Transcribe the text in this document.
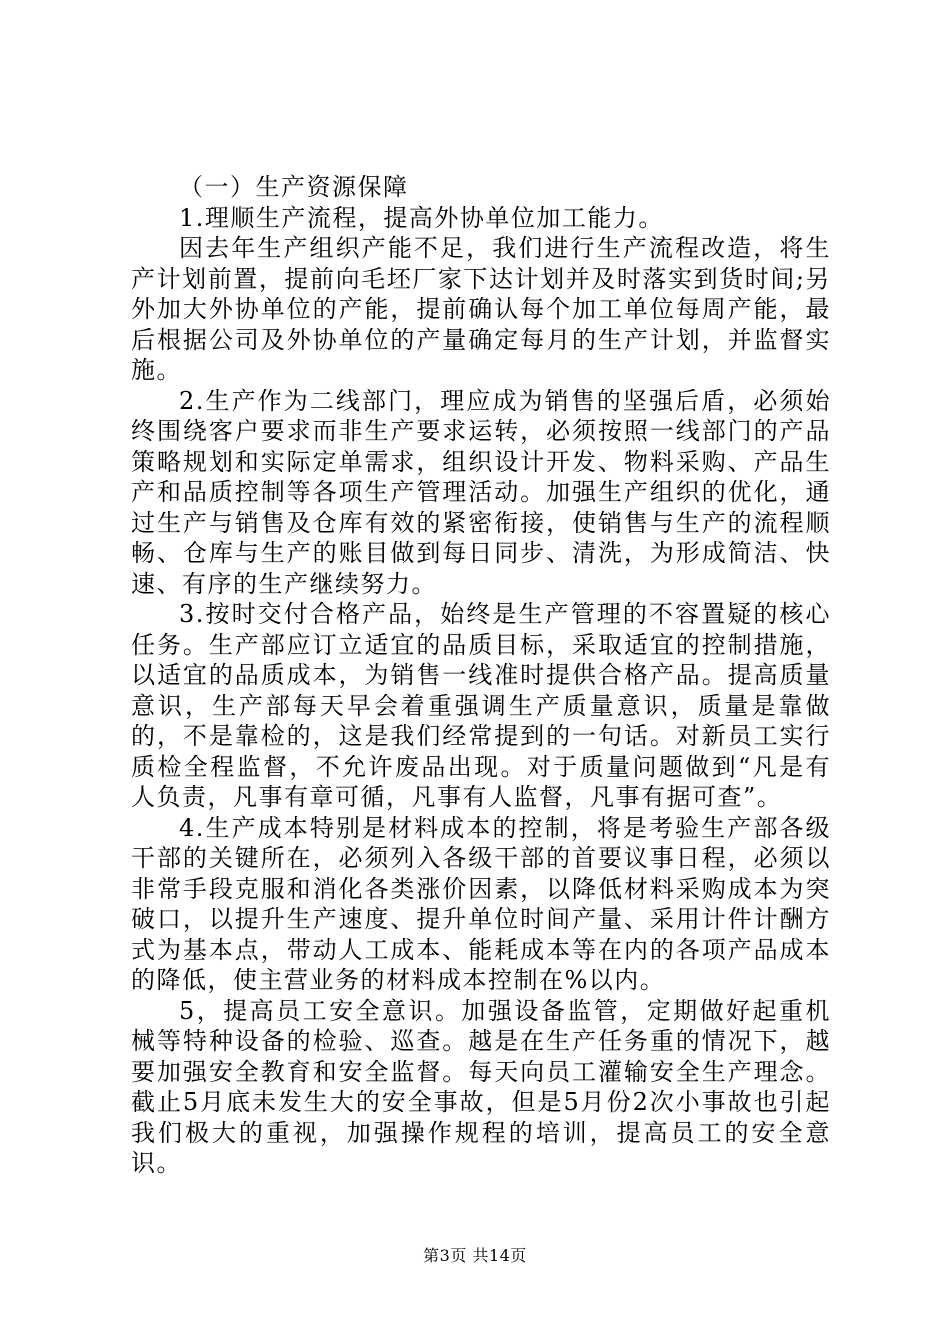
（一）生产资源保障

1.理顺生产流程，提高外协单位加工能力。

因去年生产组织产能不足，我们进行生产流程改造，将生产计划前置，提前向毛坯厂家下达计划并及时落实到货时间;另外加大外协单位的产能，提前确认每个加工单位每周产能，最后根据公司及外协单位的产量确定每月的生产计划，并监督实施。

2.生产作为二线部门，理应成为销售的坚强后盾，必须始终围绕客户要求而非生产要求运转，必须按照一线部门的产品策略规划和实际定单需求，组织设计开发、物料采购、产品生产和品质控制等各项生产管理活动。加强生产组织的优化，通过生产与销售及仓库有效的紧密衔接，使销售与生产的流程顺畅、仓库与生产的账目做到每日同步、清洗，为形成简洁、快速、有序的生产继续努力。

3.按时交付合格产品，始终是生产管理的不容置疑的核心任务。生产部应订立适宜的品质目标，采取适宜的控制措施，以适宜的品质成本，为销售一线准时提供合格产品。提高质量意识，生产部每天早会着重强调生产质量意识，质量是靠做的，不是靠检的，这是我们经常提到的一句话。对新员工实行质检全程监督，不允许废品出现。对于质量问题做到“凡是有人负责，凡事有章可循，凡事有人监督，凡事有据可查”。

4.生产成本特别是材料成本的控制，将是考验生产部各级干部的关键所在，必须列入各级干部的首要议事日程，必须以非常手段克服和消化各类涨价因素，以降低材料采购成本为突破口，以提升生产速度、提升单位时间产量、采用计件计酬方式为基本点，带动人工成本、能耗成本等在内的各项产品成本的降低，使主营业务的材料成本控制在%以内。

5，提高员工安全意识。加强设备监管，定期做好起重机械等特种设备的检验、巡查。越是在生产任务重的情况下，越要加强安全教育和安全监督。每天向员工灌输安全生产理念。截止5月底未发生大的安全事故，但是5月份2次小事故也引起我们极大的重视，加强操作规程的培训，提高员工的安全意识。

第3页 共14页
